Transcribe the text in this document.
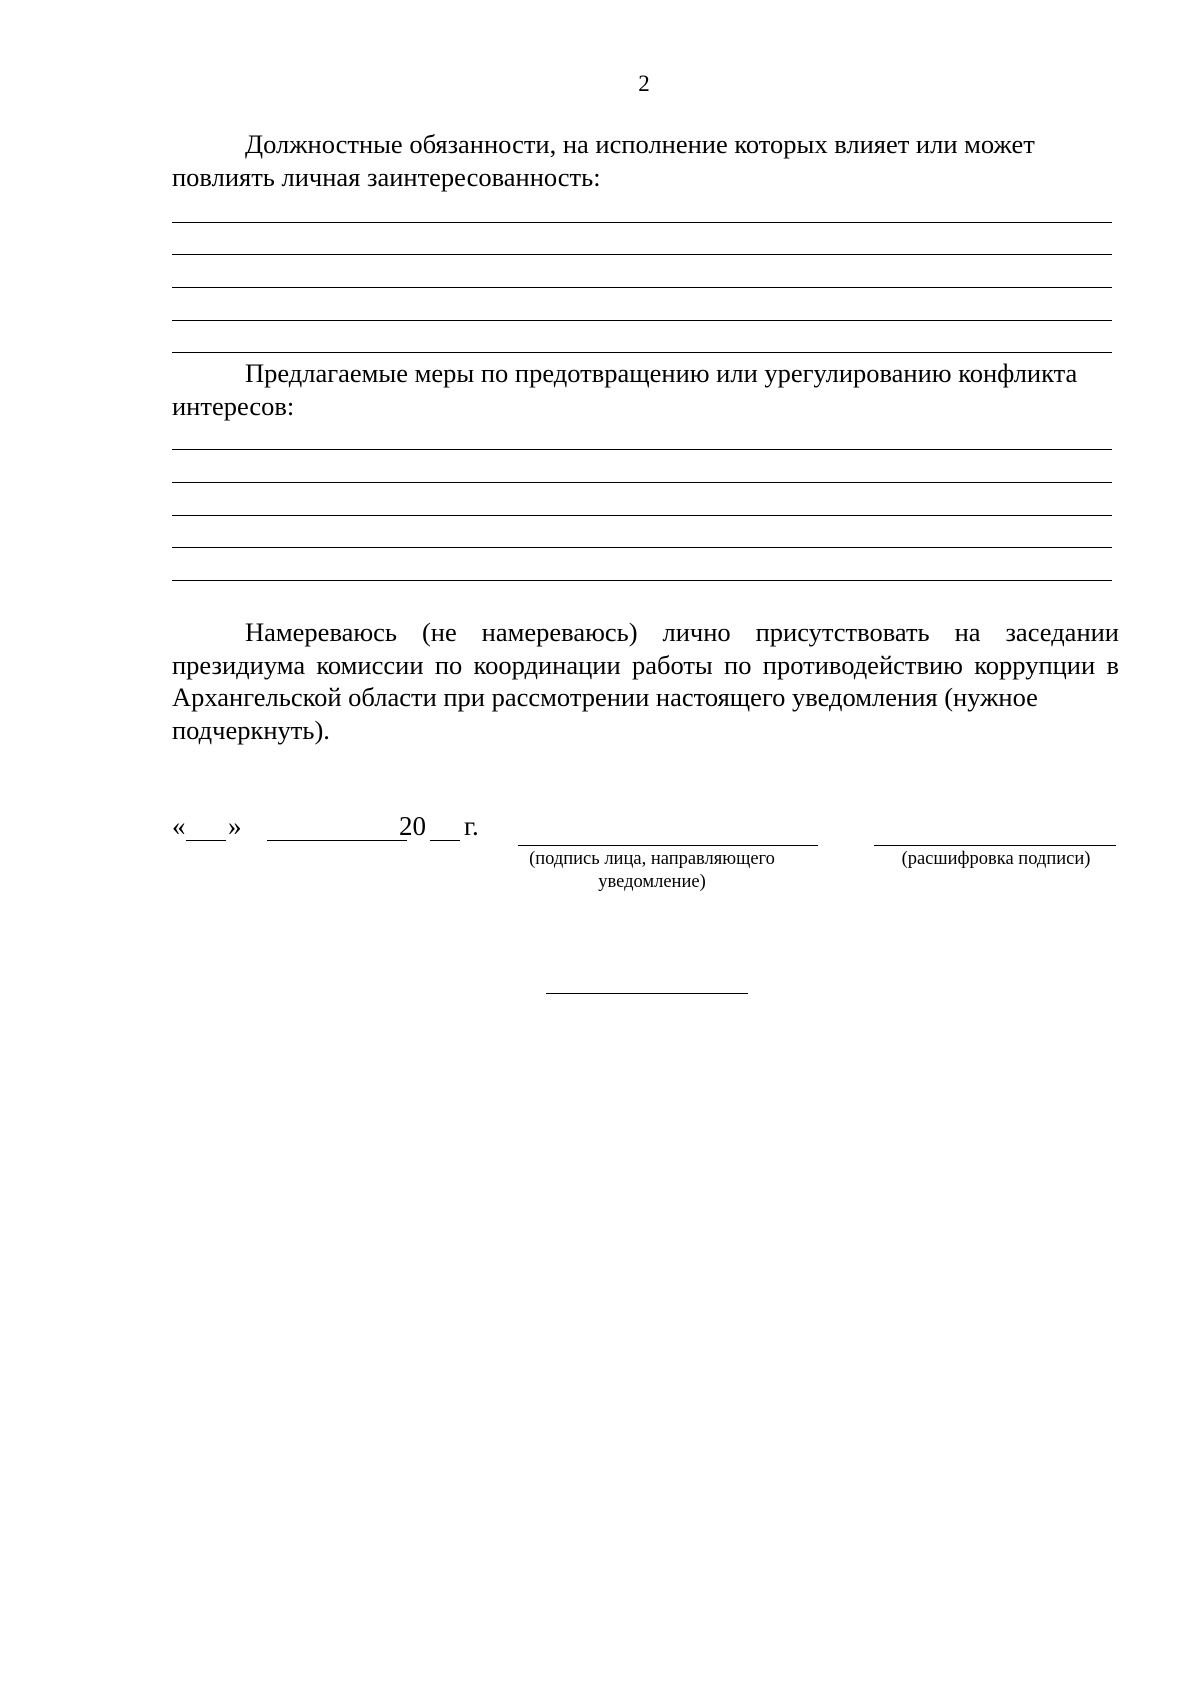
2
Должностные обязанности, на исполнение которых влияет или может
повлиять личная заинтересованность:
Предлагаемые меры по предотвращению или урегулированию конфликта
интересов:
Намереваюсь (не намереваюсь) лично присутствовать на заседании президиума комиссии по координации работы по противодействию коррупции в Архангельской области при рассмотрении настоящего уведомления (нужное
подчеркнуть).
« »	20 г.
(подпись лица, направляющего уведомление)
(расшифровка подписи)
